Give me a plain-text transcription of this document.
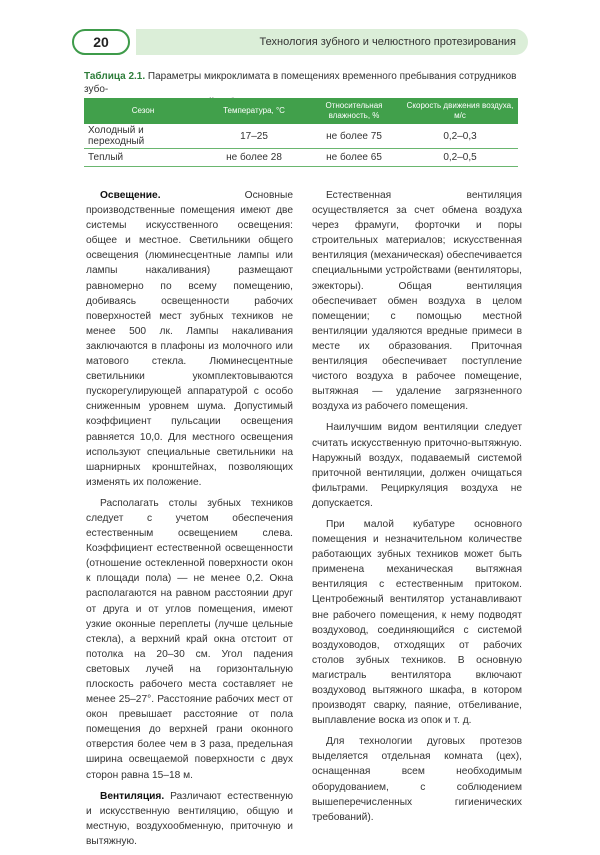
20	Технология зубного и челюстного протезирования
Таблица 2.1. Параметры микроклимата в помещениях временного пребывания сотрудников зубо-
технической лаборатории
Сезон	Температура, °С	Относительная влажность, %	Скорость движения воздуха, м/с
Холодный и переходный	17–25	не более 75	0,2–0,3
Теплый	не более 28	не более 65	0,2–0,5

Освещение. Основные производственные помещения имеют две системы искусственного освещения: общее и местное. Светильники общего освещения (люминесцентные лампы или лампы накаливания) размещают равномерно по всему помещению, добиваясь освещенности рабочих поверхностей мест зубных техников не менее 500 лк. Лампы накаливания заключаются в плафоны из молочного или матового стекла. Люминесцентные светильники укомплектовываются пускорегулирующей аппаратурой с особо сниженным уровнем шума. Допустимый коэффициент пульсации освещения равняется 10,0. Для местного освещения используют специальные светильники на шарнирных кронштейнах, позволяющих изменять их положение.

Располагать столы зубных техников следует с учетом обеспечения естественным освещением слева. Коэффициент естественной освещенности (отношение остекленной поверхности окон к площади пола) — не менее 0,2. Окна располагаются на равном расстоянии друг от друга и от углов помещения, имеют узкие оконные переплеты (лучше цельные стекла), а верхний край окна отстоит от потолка на 20–30 см. Угол падения световых лучей на горизонтальную плоскость рабочего места составляет не менее 25–27°. Расстояние рабочих мест от окон превышает расстояние от пола помещения до верхней грани оконного отверстия более чем в 3 раза, предельная ширина освещаемой поверхности с двух сторон равна 15–18 м.

Вентиляция. Различают естественную и искусственную вентиляцию, общую и местную, воздухообменную, приточную и вытяжную.

Естественная вентиляция осуществляется за счет обмена воздуха через фрамуги, форточки и поры строительных материалов; искусственная вентиляция (механическая) обеспечивается специальными устройствами (вентиляторы, эжекторы). Общая вентиляция обеспечивает обмен воздуха в целом помещении; с помощью местной вентиляции удаляются вредные примеси в месте их образования. Приточная вентиляция обеспечивает поступление чистого воздуха в рабочее помещение, вытяжная — удаление загрязненного воздуха из рабочего помещения.

Наилучшим видом вентиляции следует считать искусственную приточно-вытяжную. Наружный воздух, подаваемый системой приточной вентиляции, должен очищаться фильтрами. Рециркуляция воздуха не допускается.

При малой кубатуре основного помещения и незначительном количестве работающих зубных техников может быть применена механическая вытяжная вентиляция с естественным притоком. Центробежный вентилятор устанавливают вне рабочего помещения, к нему подводят воздуховод, соединяющийся с системой воздуховодов, отходящих от рабочих столов зубных техников. В основную магистраль вентилятора включают воздуховод вытяжного шкафа, в котором производят сварку, паяние, отбеливание, выплавление воска из опок и т. д.

Для технологии дуговых протезов выделяется отдельная комната (цех), оснащенная всем необходимым оборудованием, с соблюдением вышеперечисленных гигиенических требований).
